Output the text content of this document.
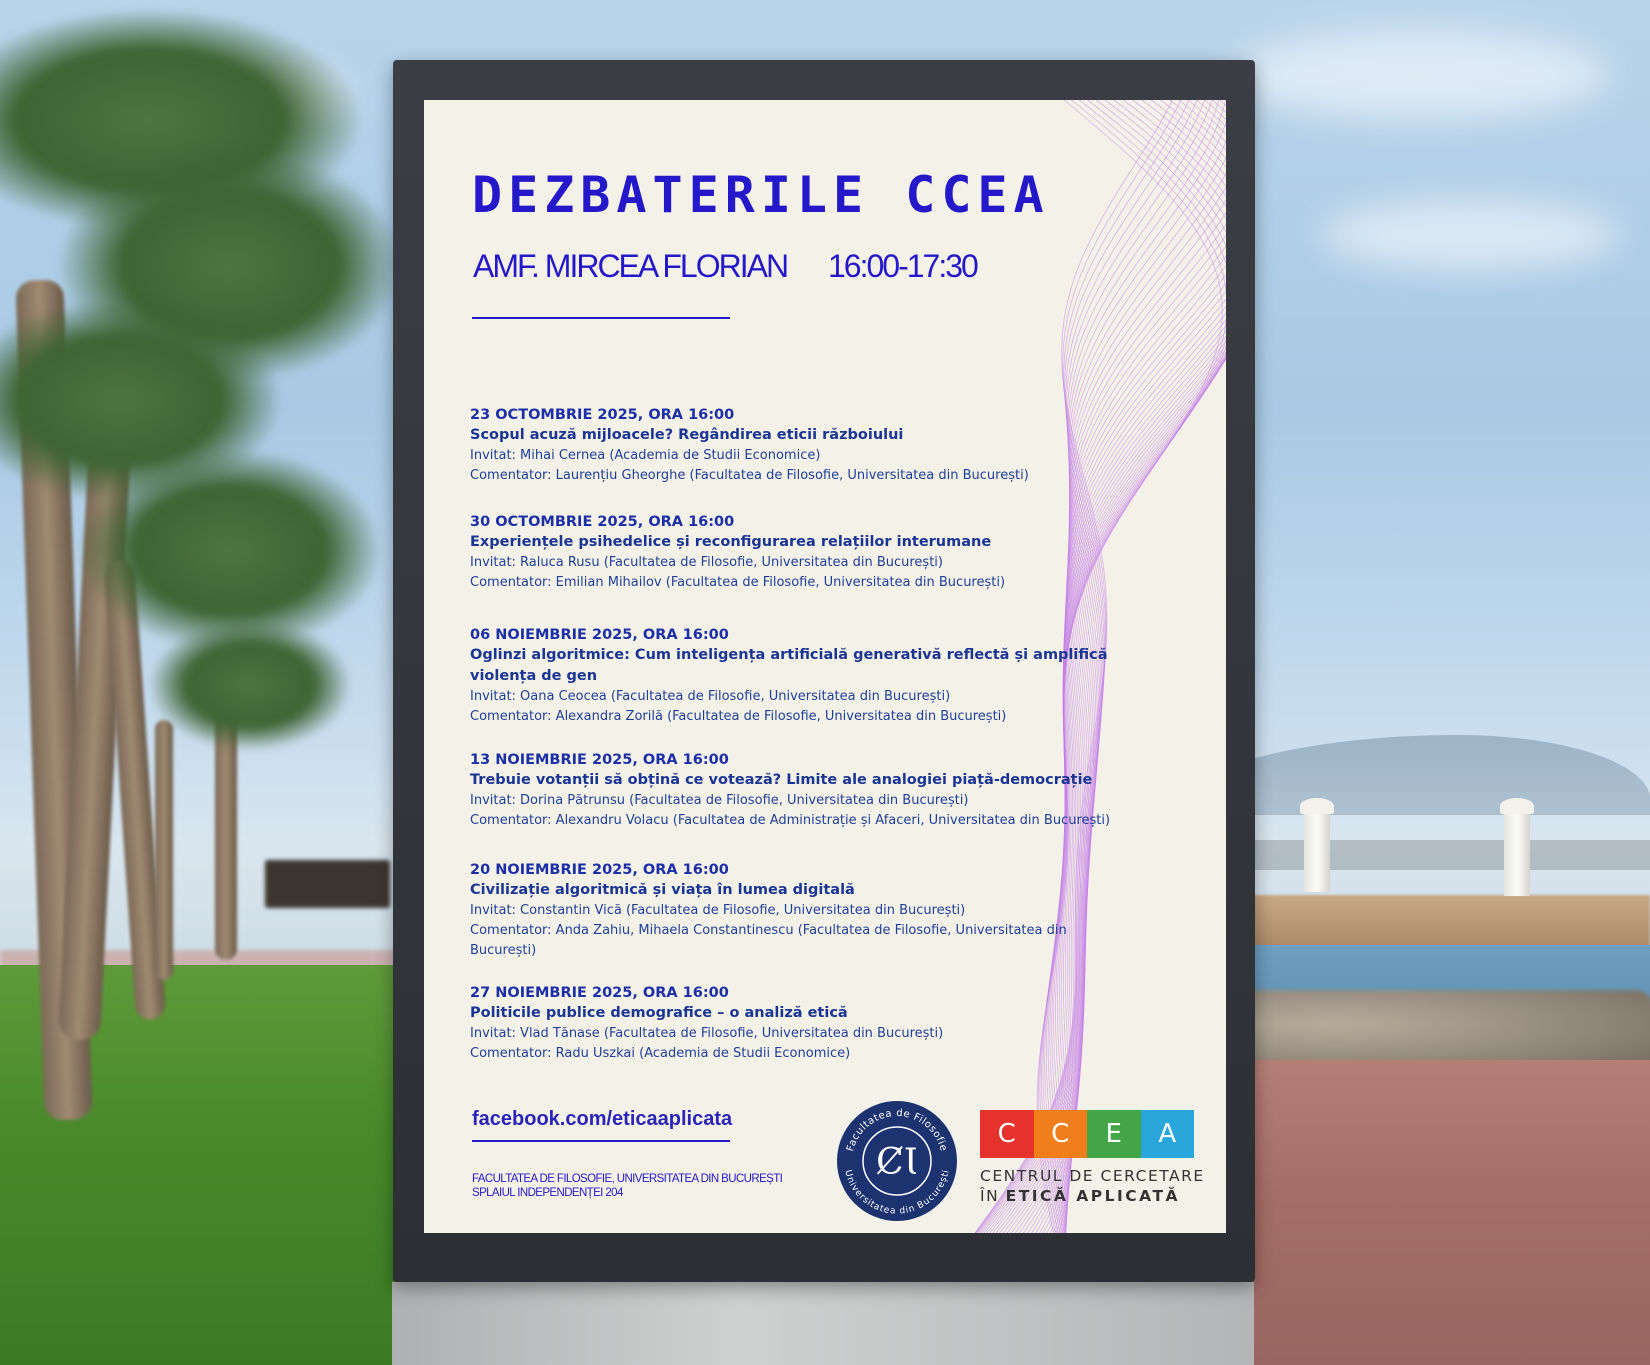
DEZBATERILE CCEA
AMF. MIRCEA FLORIAN 16:00-17:30
23 OCTOMBRIE 2025, ORA 16:00
Scopul acuză mijloacele? Regândirea eticii războiului
Invitat: Mihai Cernea (Academia de Studii Economice)
Comentator: Laurențiu Gheorghe (Facultatea de Filosofie, Universitatea din București)
30 OCTOMBRIE 2025, ORA 16:00
Experiențele psihedelice și reconfigurarea relațiilor interumane
Invitat: Raluca Rusu (Facultatea de Filosofie, Universitatea din București)
Comentator: Emilian Mihailov (Facultatea de Filosofie, Universitatea din București)
06 NOIEMBRIE 2025, ORA 16:00
Oglinzi algoritmice: Cum inteligența artificială generativă reflectă și amplifică violența de gen
Invitat: Oana Ceocea (Facultatea de Filosofie, Universitatea din București)
Comentator: Alexandra Zorilă (Facultatea de Filosofie, Universitatea din București)
13 NOIEMBRIE 2025, ORA 16:00
Trebuie votanții să obțină ce votează? Limite ale analogiei piață-democrație
Invitat: Dorina Pătrunsu (Facultatea de Filosofie, Universitatea din București)
Comentator: Alexandru Volacu (Facultatea de Administrație și Afaceri, Universitatea din București)
20 NOIEMBRIE 2025, ORA 16:00
Civilizație algoritmică și viața în lumea digitală
Invitat: Constantin Vică (Facultatea de Filosofie, Universitatea din București)
Comentator: Anda Zahiu, Mihaela Constantinescu (Facultatea de Filosofie, Universitatea din București)
27 NOIEMBRIE 2025, ORA 16:00
Politicile publice demografice – o analiză etică
Invitat: Vlad Tănase (Facultatea de Filosofie, Universitatea din București)
Comentator: Radu Uszkai (Academia de Studii Economice)
facebook.com/eticaaplicata
FACULTATEA DE FILOSOFIE, UNIVERSITATEA DIN BUCUREȘTI
SPLAIUL INDEPENDENȚEI 204
Facultatea de Filosofie
Universitatea din București
ȻƖ
C	C	E	A
CENTRUL DE CERCETARE
ÎN ETICĂ APLICATĂ
